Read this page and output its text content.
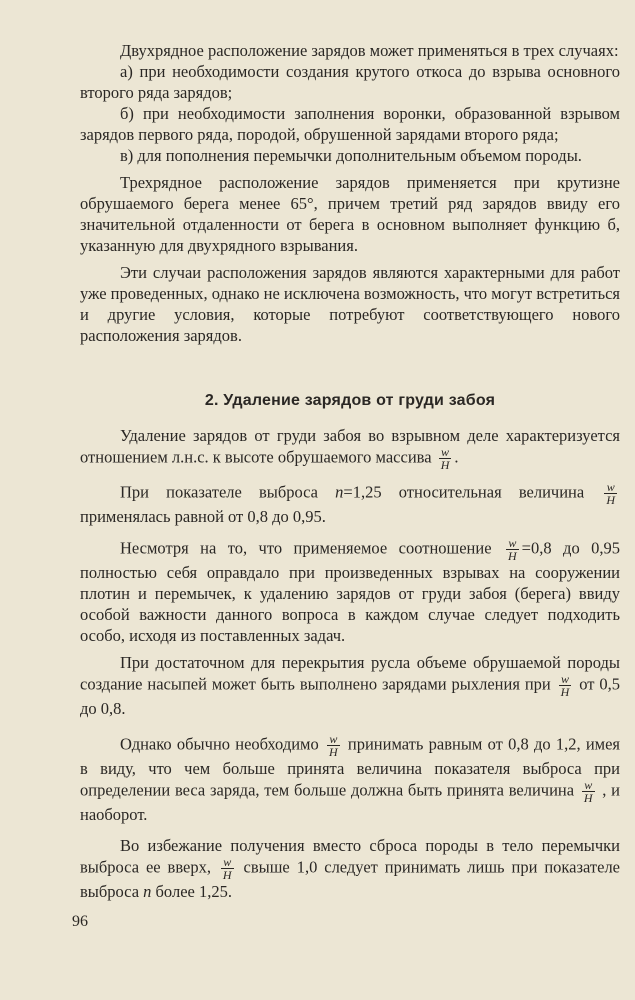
Двухрядное расположение зарядов может применяться в трех случаях:

а) при необходимости создания крутого откоса до взрыва основного второго ряда зарядов;

б) при необходимости заполнения воронки, образованной взрывом зарядов первого ряда, породой, обрушенной зарядами второго ряда;

в) для пополнения перемычки дополнительным объемом породы.

Трехрядное расположение зарядов применяется при крутизне обрушаемого берега менее 65°, причем третий ряд зарядов ввиду его значительной отдаленности от берега в основном выполняет функцию б, указанную для двухрядного взрывания.

Эти случаи расположения зарядов являются характерными для работ уже проведенных, однако не исключена возможность, что могут встретиться и другие условия, которые потребуют соответствующего нового расположения зарядов.

2. Удаление зарядов от груди забоя

Удаление зарядов от груди забоя во взрывном деле характеризуется отношением л.н.с. к высоте обрушаемого массива $\frac{w}{H}$ .

При показателе выброса n=1,25 относительная величина $\frac{w}{H}$
применялась равной от 0,8 до 0,95.

Несмотря на то, что применяемое соотношение $\frac{w}{H} =0,8$ до 0,95 полностью себя оправдало при произведенных взрывах на сооружении плотин и перемычек, к удалению зарядов от груди забоя (берега) ввиду особой важности данного вопроса в каждом случае следует подходить особо, исходя из поставленных задач.

При достаточном для перекрытия русла объеме обрушаемой породы создание насыпей может быть выполнено зарядами рыхления при $\frac{w}{H}$ от 0,5 до 0,8.

Однако обычно необходимо $\frac{w}{H}$ принимать равным от 0,8 до 1,2, имея в виду, что чем больше принята величина показателя выброса при определении веса заряда, тем больше должна быть принята величина $\frac{w}{H}$ , и наоборот.

Во избежание получения вместо сброса породы в тело перемычки выброса ее вверх, $\frac{w}{H}$ свыше 1,0 следует принимать лишь при показателе выброса n более 1,25.

96
